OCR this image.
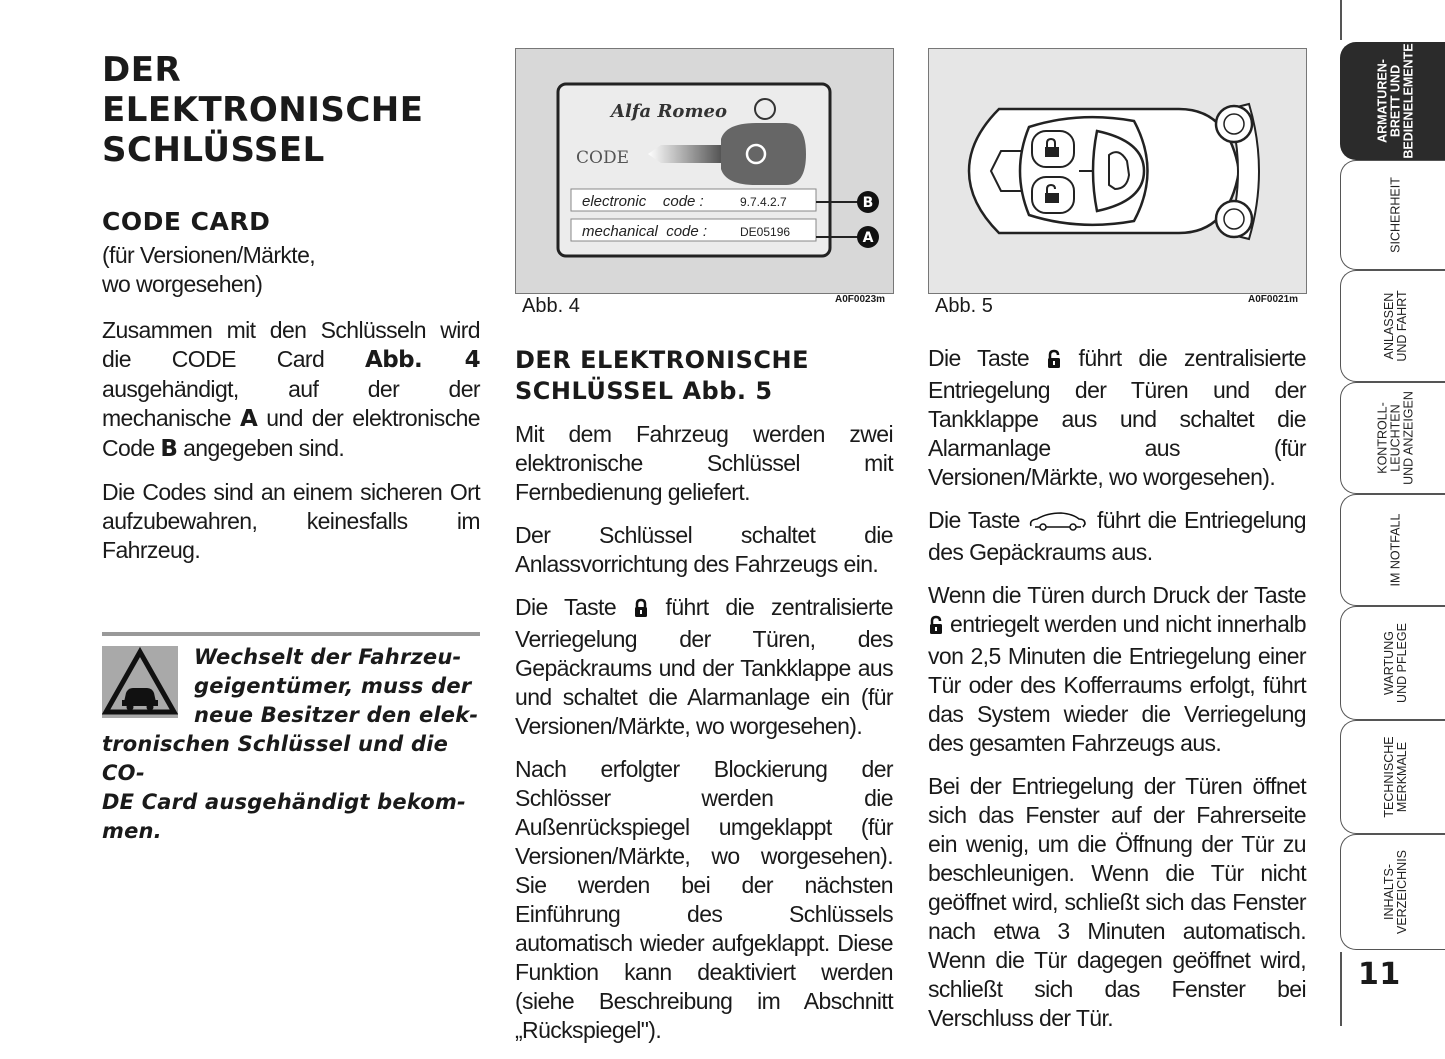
DER
ELEKTRONISCHE
SCHLÜSSEL
CODE CARD

(für Versionen/Märkte, wo worgesehen)

Zusammen mit den Schlüsseln wird die CODE Card Abb. 4 ausgehändigt, auf der der mechanische A und der elektronische Code B angegeben sind.

Die Codes sind an einem sicheren Ort aufzubewahren, keinesfalls im Fahrzeug.

Wechselt der Fahrzeu-
geigentümer, muss der
neue Besitzer den elek-
tronischen Schlüssel und die CO-
DE Card ausgehändigt bekom-
men.
Alfa Romeo
CODE
electronic    code :	9.7.4.2.7
mechanical  code :	DE05196
B
A
Abb. 4	A0F0023m
DER ELEKTRONISCHE
SCHLÜSSEL Abb. 5

Mit dem Fahrzeug werden zwei elektronische Schlüssel mit Fernbedienung geliefert.

Der Schlüssel schaltet die Anlassvorrichtung des Fahrzeugs ein.

Die Taste  führt die zentralisierte Verriegelung der Türen, des Gepäckraums und der Tankklappe aus und schaltet die Alarmanlage ein (für Versionen/Märkte, wo worgesehen).

Nach erfolgter Blockierung der Schlösser werden die Außenrückspiegel umgeklappt (für Versionen/Märkte, wo worgesehen). Sie werden bei der nächsten Einführung des Schlüssels automatisch wieder aufgeklappt. Diese Funktion kann deaktiviert werden (siehe Beschreibung im Abschnitt „Rückspiegel").

Abb. 5	A0F0021m

Die Taste  führt die zentralisierte Entriegelung der Türen und der Tankklappe aus und schaltet die Alarmanlage aus (für Versionen/Märkte, wo worgesehen).

Die Taste	führt die Entriegelung des Gepäckraums aus.

Wenn die Türen durch Druck der Taste  entriegelt werden und nicht innerhalb von 2,5 Minuten die Entriegelung einer Tür oder des Kofferraums erfolgt, führt das System wieder die Verriegelung des gesamten Fahrzeugs aus.

Bei der Entriegelung der Türen öffnet sich das Fenster auf der Fahrerseite ein wenig, um die Öffnung der Tür zu beschleunigen. Wenn die Tür nicht geöffnet wird, schließt sich das Fenster nach etwa 3 Minuten automatisch. Wenn die Tür dagegen geöffnet wird, schließt sich das Fenster bei Verschluss der Tür.

ARMATUREN-
BRETT UND
BEDIENELEMENTE
SICHERHEIT
ANLASSEN
UND FAHRT
KONTROLL-
LEUCHTEN
UND ANZEIGEN
IM NOTFALL
WARTUNG
UND PFLEGE
TECHNISCHE
MERKMALE
INHALTS-
VERZEICHNIS
11
